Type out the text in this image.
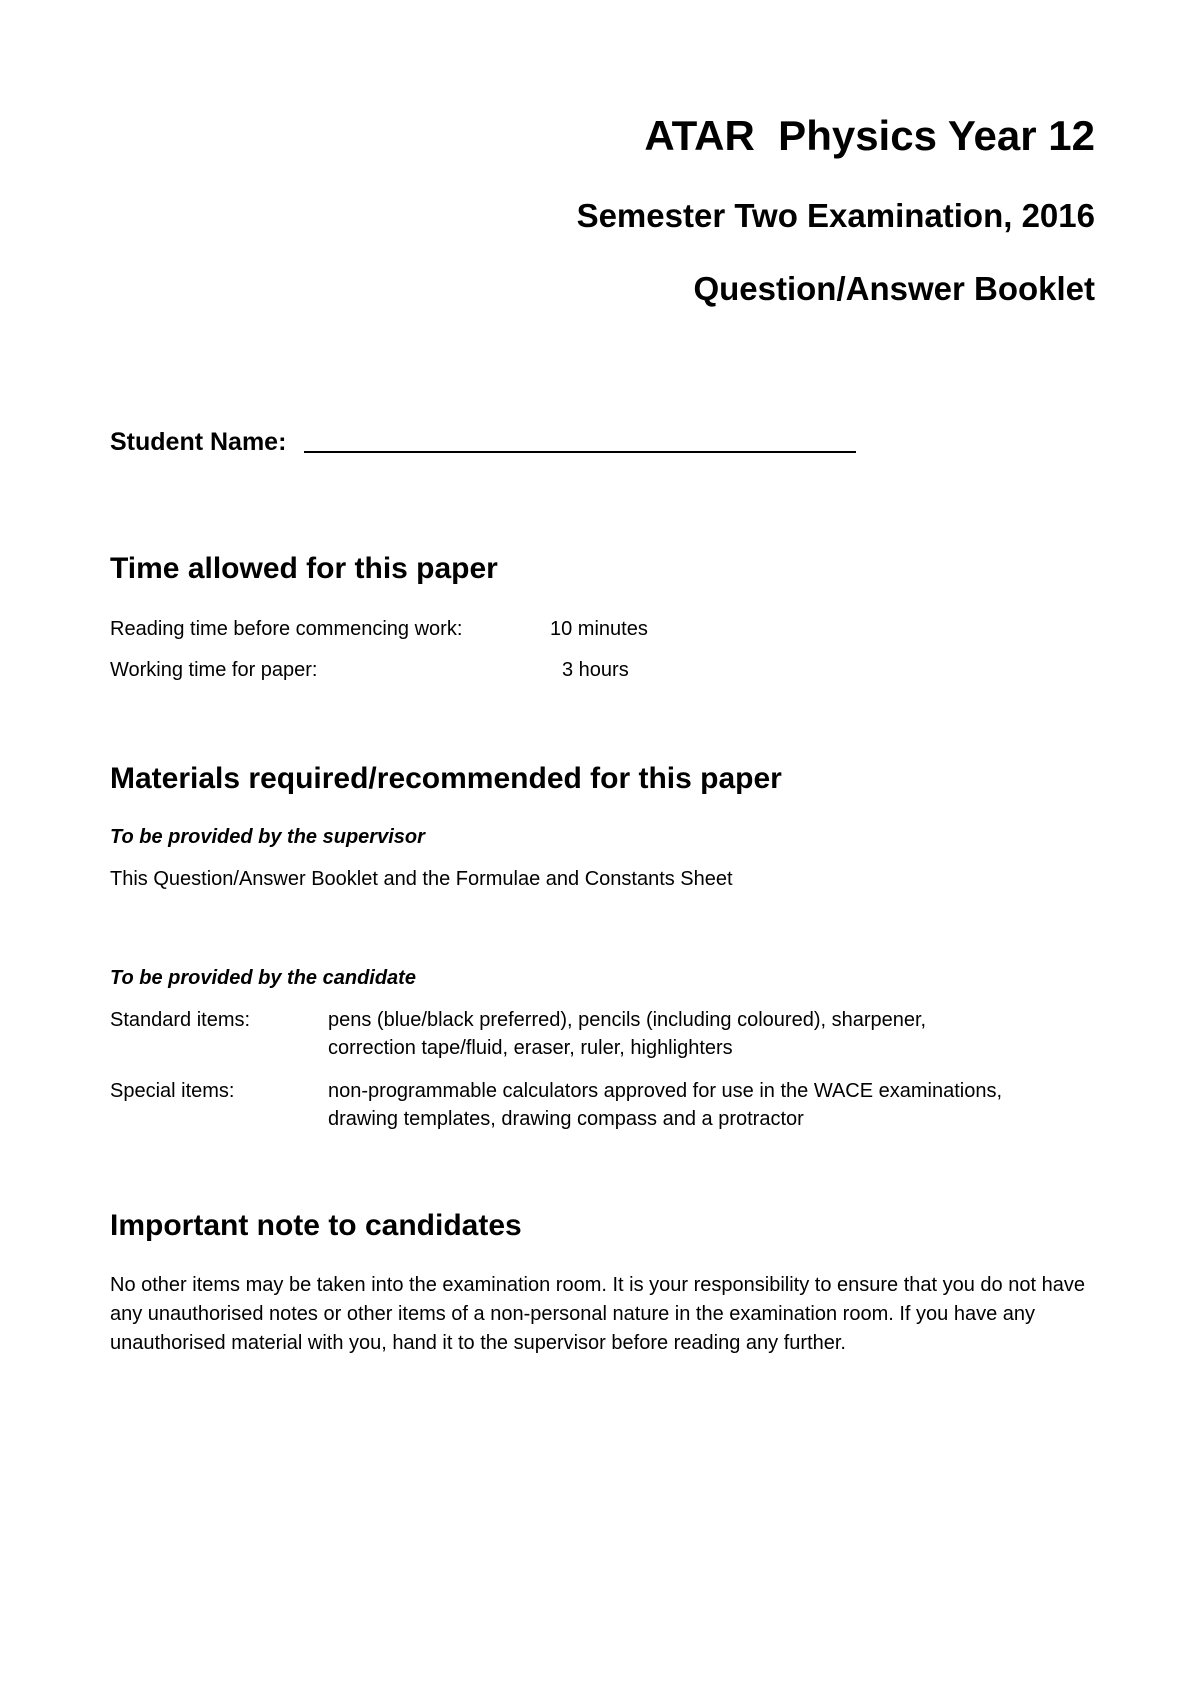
ATAR  Physics Year 12
Semester Two Examination, 2016
Question/Answer Booklet
Student Name:
Time allowed for this paper
Reading time before commencing work:	10 minutes
Working time for paper:	3 hours
Materials required/recommended for this paper
To be provided by the supervisor
This Question/Answer Booklet and the Formulae and Constants Sheet
To be provided by the candidate
Standard items:	pens (blue/black preferred), pencils (including coloured), sharpener,
correction tape/fluid, eraser, ruler, highlighters
Special items:	non-programmable calculators approved for use in the WACE examinations,
drawing templates, drawing compass and a protractor
Important note to candidates

No other items may be taken into the examination room. It is your responsibility to ensure that you do not have any unauthorised notes or other items of a non-personal nature in the examination room. If you have any unauthorised material with you, hand it to the supervisor before reading any further.
